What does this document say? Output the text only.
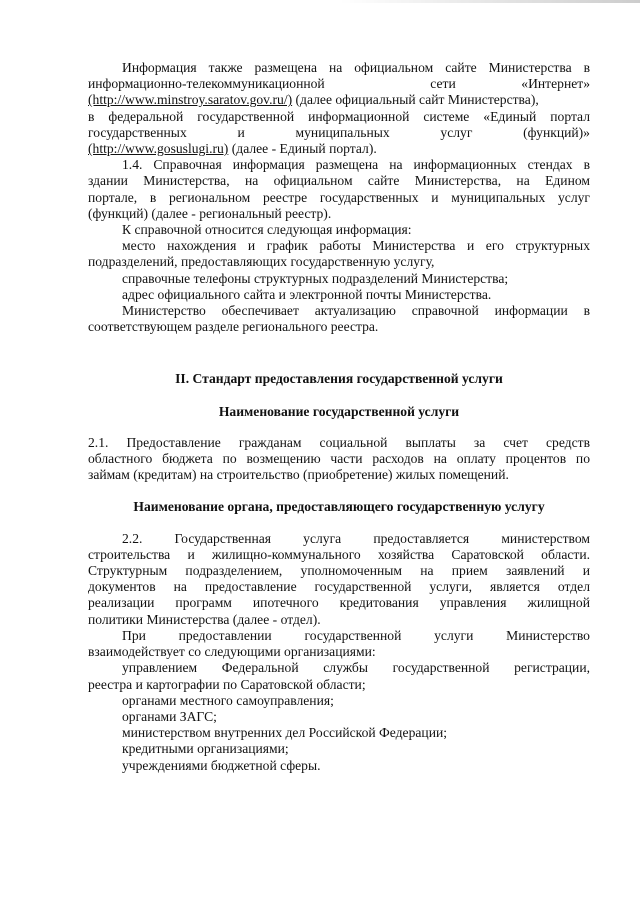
Информация также размещена на официальном сайте Министерства в

информационно-телекоммуникационной	сети	«Интернет»

(http://www.minstroy.saratov.gov.ru/) (далее официальный сайт Министерства),

в федеральной государственной информационной системе «Единый портал

государственных	и	муниципальных	услуг	(функций)»

(http://www.gosuslugi.ru) (далее - Единый портал).

1.4. Справочная информация размещена на информационных стендах в

здании Министерства, на официальном сайте Министерства, на Едином

портале, в региональном реестре государственных и муниципальных услуг

(функций) (далее - региональный реестр).

К справочной относится следующая информация:

место нахождения и график работы Министерства и его структурных

подразделений, предоставляющих государственную услугу,

справочные телефоны структурных подразделений Министерства;

адрес официального сайта и электронной почты Министерства.

Министерство обеспечивает актуализацию справочной информации в

соответствующем разделе регионального реестра.

II. Стандарт предоставления государственной услуги

Наименование государственной услуги

2.1. Предоставление гражданам социальной выплаты за счет средств

областного бюджета по возмещению части расходов на оплату процентов по

займам (кредитам) на строительство (приобретение) жилых помещений.

Наименование органа, предоставляющего государственную услугу

2.2. Государственная услуга предоставляется министерством

строительства и жилищно-коммунального хозяйства Саратовской области.

Структурным подразделением, уполномоченным на прием заявлений и

документов на предоставление государственной услуги, является отдел

реализации программ ипотечного кредитования управления жилищной

политики Министерства (далее - отдел).

При предоставлении государственной услуги Министерство

взаимодействует со следующими организациями:

управлением Федеральной службы государственной регистрации,

реестра и картографии по Саратовской области;

органами местного самоуправления;

органами ЗАГС;

министерством внутренних дел Российской Федерации;

кредитными организациями;

учреждениями бюджетной сферы.
